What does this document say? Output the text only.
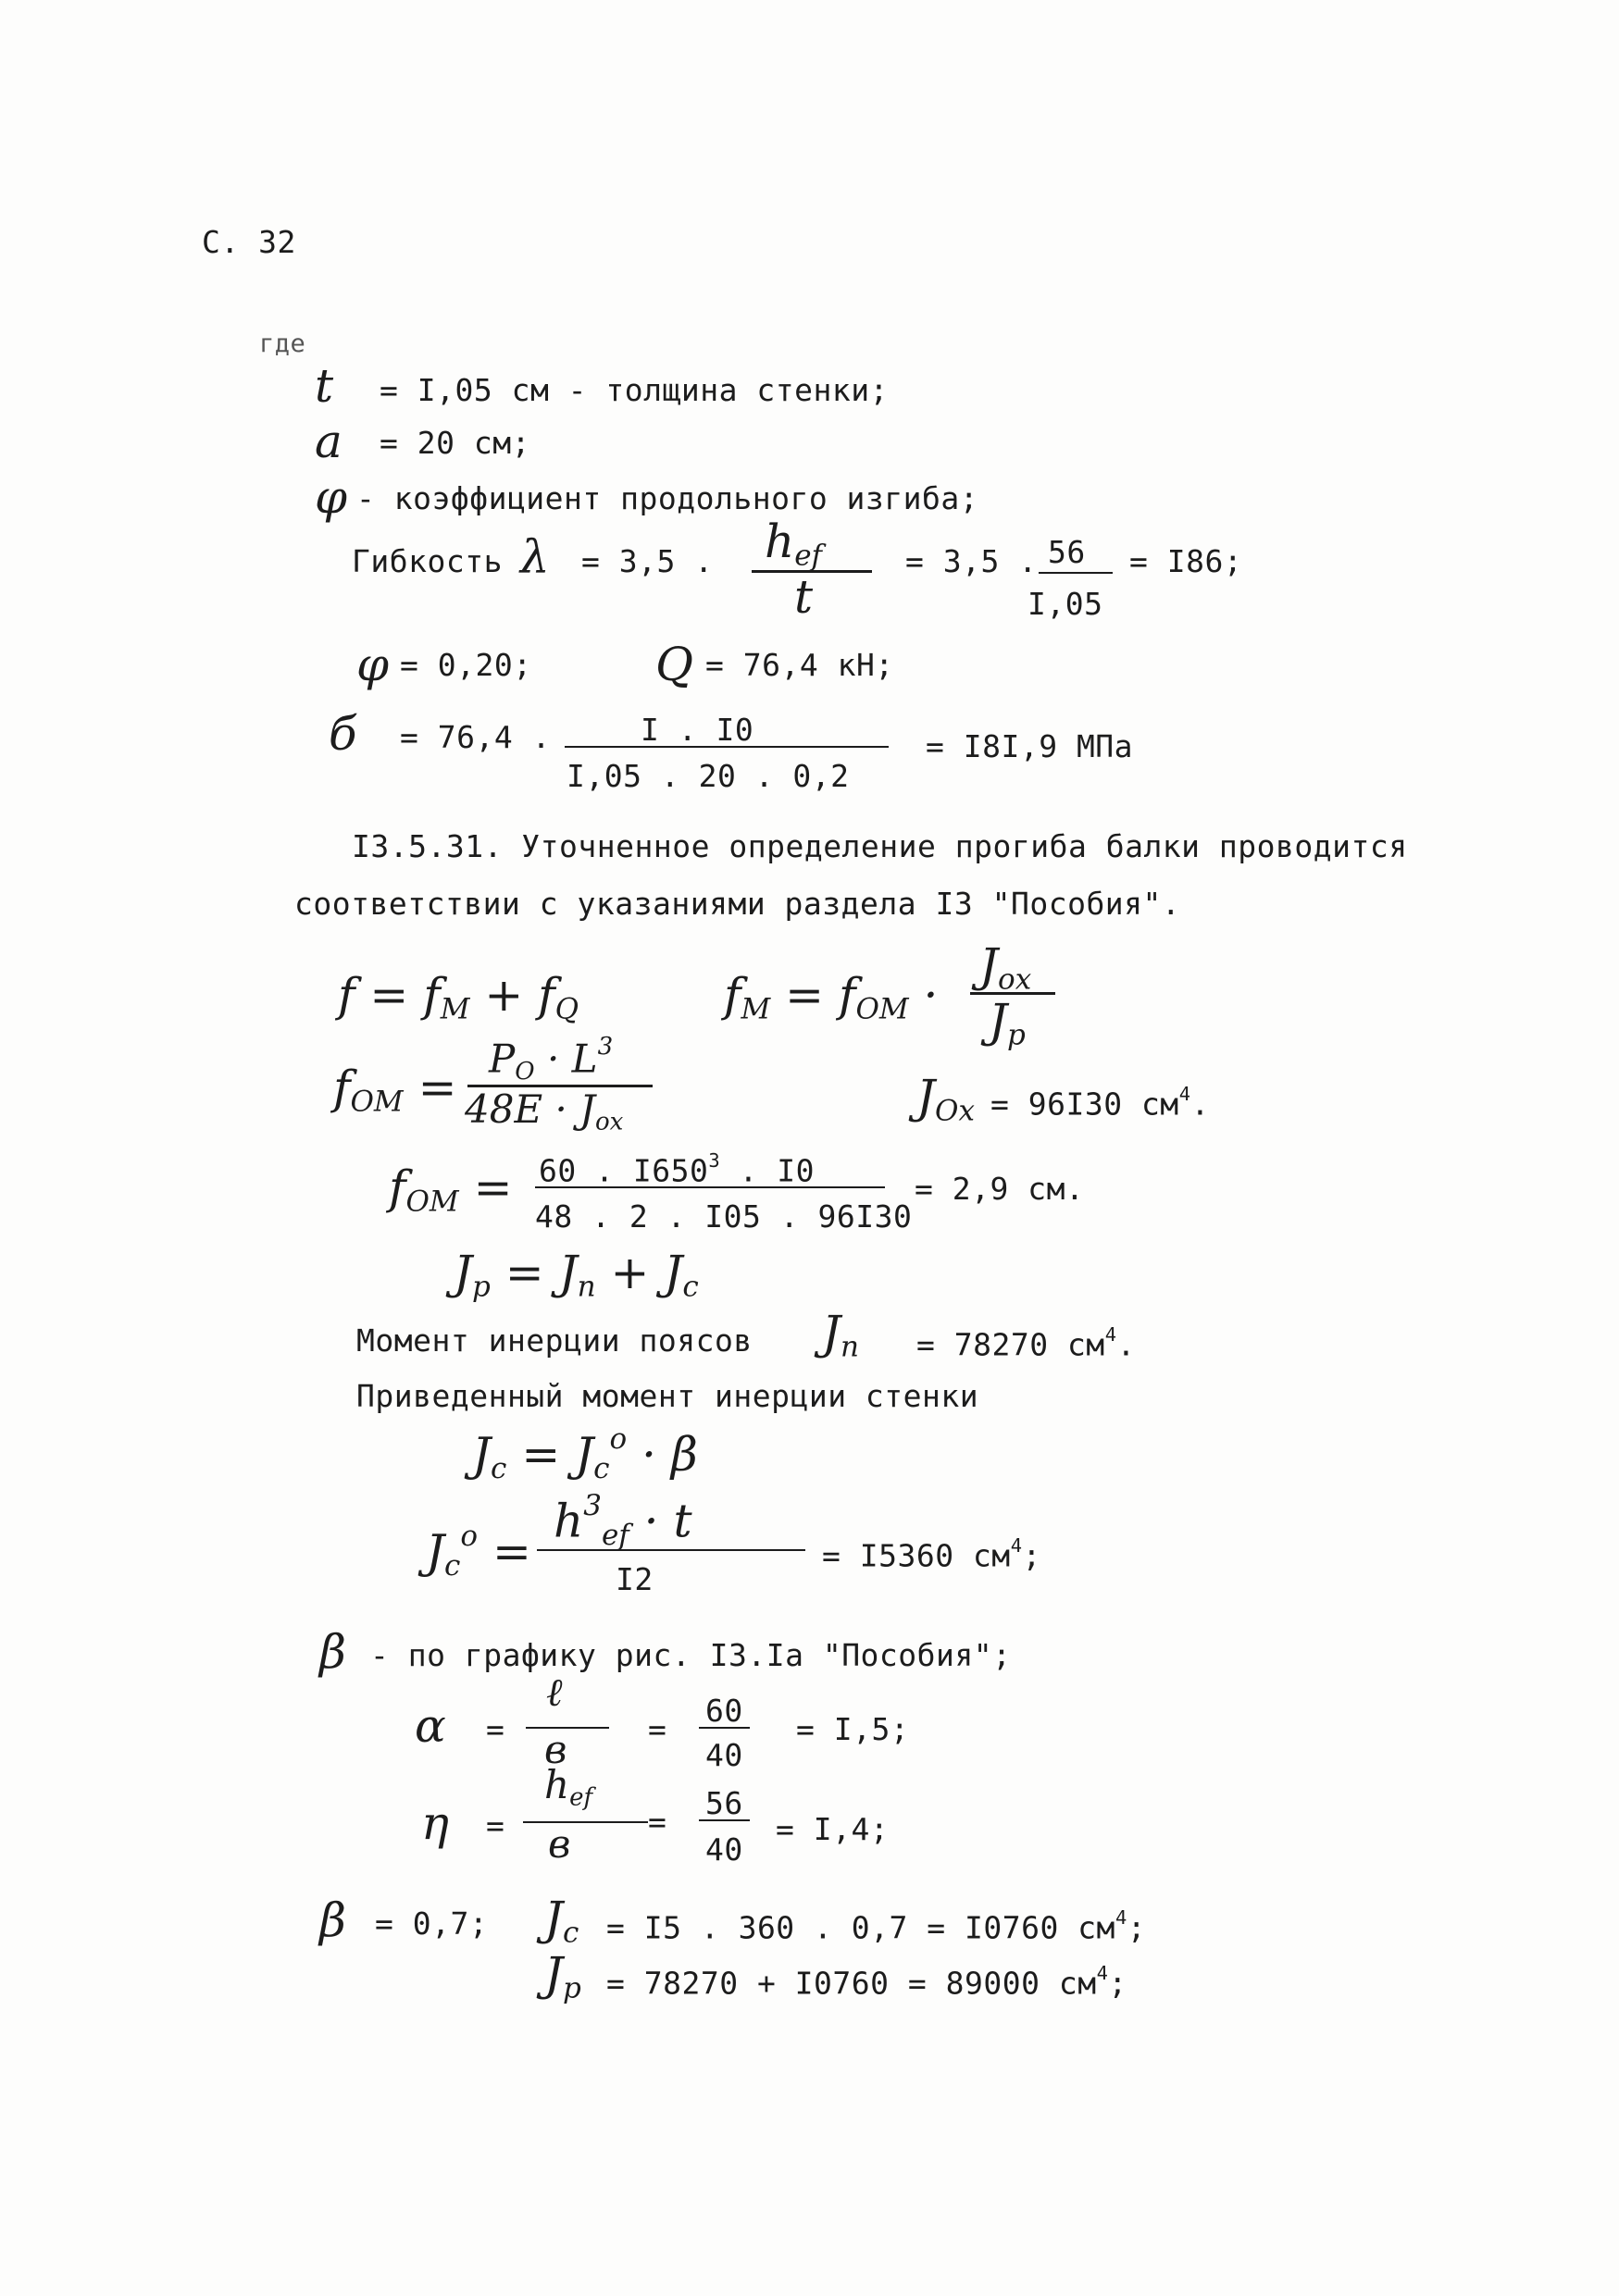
С. 32
где
t = I,05 см - толщина стенки;
a = 20 см;
φ - коэффициент продольного изгиба;
Гибкость λ = 3,5 . $h_{ef}$
t
= 3,5 . 56
I,05
= I86;
φ = 0,20;	Q = 76,4 кН;
б = 76,4 .	I . I0
I,05 . 20 . 0,2
= I8I,9 МПа
I3.5.31. Уточненное определение прогиба балки проводится
соответствии с указаниями раздела I3 "Пособия".
$f = f_M + f_Q$	$f_M = f_{OM}$ ·
$J_{ox}$
$J_p$
$f_{OM}$ =
$P_O \cdot L^3$
$48E \cdot J_{ox}$	$J_{Ox} = 96I30$ $см^4$.
$f_{OM} = 60$ . $I650^3$ . I0
48 . 2 . I05 . 96I30
= 2,9 см.
$J_p = J_n + J_c$
Момент инерции поясов $J_n = 78270$ $см^4$.
Приведенный момент инерции стенки
$J_c = J_c^o \cdot \beta$
$J_c^o$ =
$h^3_{ef} \cdot t$
I2
= I5360 $см^4$;
β - по графику рис. I3.Iа "Пособия";
α =
ℓ
в	=
60
40
= I,5;
η =
$h_{ef}$
в	=
56
40
= I,4;
β = 0,7; $J_c = I5$ . 360 . 0,7 = I0760 $см^4$;
$J_p = 78270 + I0760 = 89000$ $см^4$;
